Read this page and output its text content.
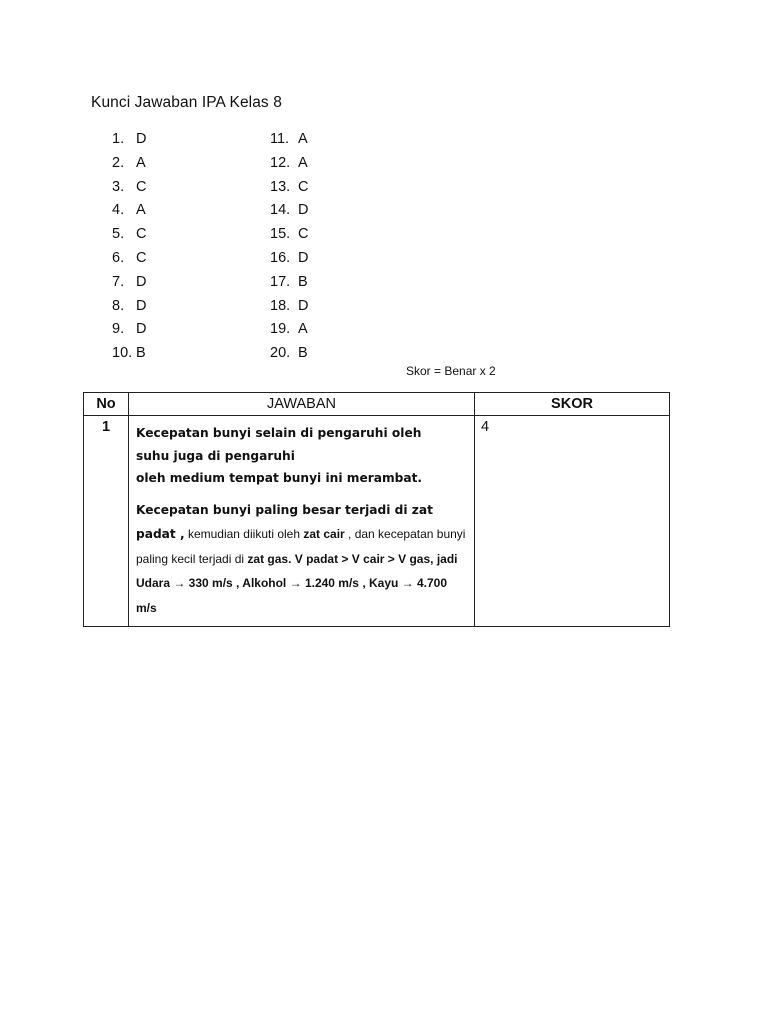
Kunci Jawaban IPA Kelas 8
1. D
2. A
3. C
4. A
5. C
6. C
7. D
8. D
9. D
10. B
11. A
12. A
13. C
14. D
15. C
16. D
17. B
18. D
19. A
20. B
Skor = Benar x 2
No	JAWABAN	SKOR
1	Kecepatan bunyi selain di pengaruhi oleh
suhu juga di pengaruhi
oleh medium tempat bunyi ini merambat.

Kecepatan bunyi paling besar terjadi di zat padat , kemudian diikuti oleh zat cair , dan kecepatan bunyi paling kecil terjadi di zat gas. V padat > V cair > V gas, jadi Udara → 330 m/s , Alkohol → 1.240 m/s , Kayu → 4.700 m/s	4
